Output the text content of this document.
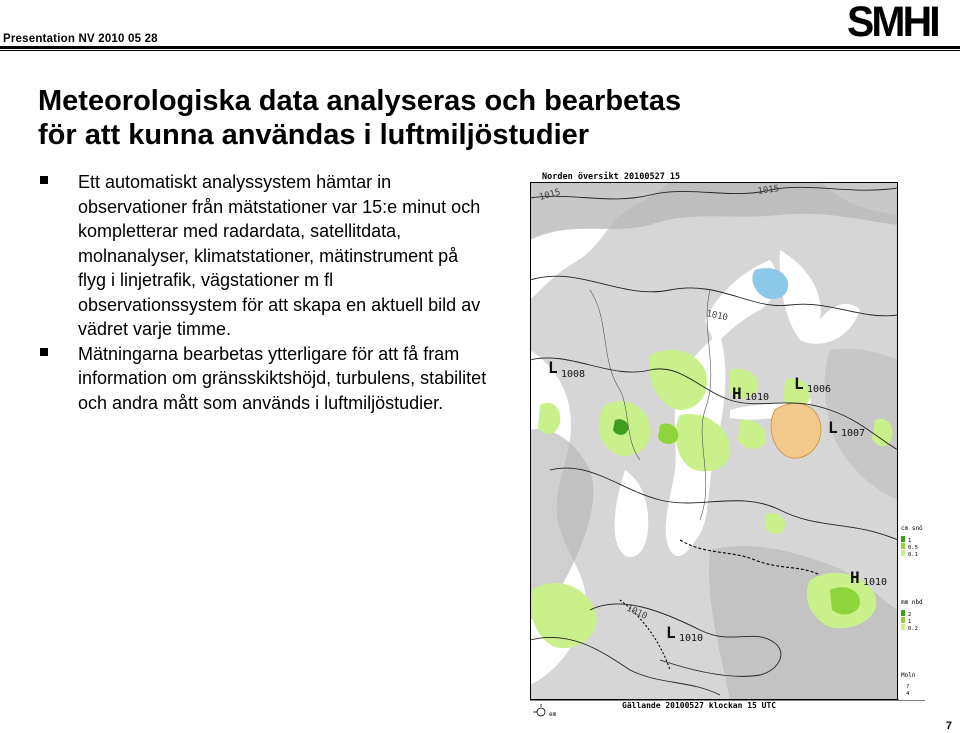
Presentation NV 2010 05 28	SMHI
Meteorologiska data analyseras och bearbetas
för att kunna användas i luftmiljöstudier
Ett automatiskt analyssystem hämtar in observationer från mätstationer var 15:e minut och kompletterar med radardata, satellitdata, molnanalyser, klimatstationer, mätinstrument på flyg i linjetrafik, vägstationer m fl observationssystem för att skapa en aktuell bild av vädret varje timme.
Mätningarna bearbetas ytterligare för att få fram information om gränsskiktshöjd, turbulens, stabilitet och andra mått som används i luftmiljöstudier.
Norden översikt 20100527 15
1015	1015
1010
1010
L 1008
H 1010
L 1006
L 1007
H 1010
L 1010
cm snö
1
0.5
0.1
mm nbd
2
1
0.2
Moln
?
4
em
Gällande 20100527 klockan 15 UTC
7
